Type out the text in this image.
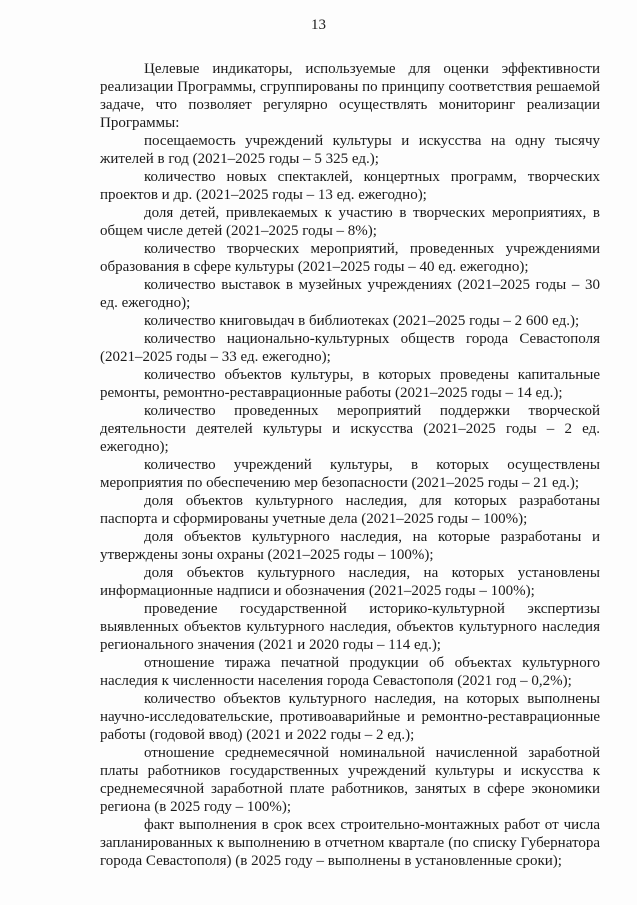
13

Целевые индикаторы, используемые для оценки эффективности реализации Программы, сгруппированы по принципу соответствия решаемой задаче, что позволяет регулярно осуществлять мониторинг реализации Программы:

посещаемость учреждений культуры и искусства на одну тысячу жителей в год (2021–2025 годы – 5 325 ед.);

количество новых спектаклей, концертных программ, творческих проектов и др. (2021–2025 годы – 13 ед. ежегодно);

доля детей, привлекаемых к участию в творческих мероприятиях, в общем числе детей (2021–2025 годы – 8%);

количество творческих мероприятий, проведенных учреждениями образования в сфере культуры (2021–2025 годы – 40 ед. ежегодно);

количество выставок в музейных учреждениях (2021–2025 годы – 30 ед. ежегодно);

количество книговыдач в библиотеках (2021–2025 годы – 2 600 ед.);

количество национально-культурных обществ города Севастополя (2021–2025 годы – 33 ед. ежегодно);

количество объектов культуры, в которых проведены капитальные ремонты, ремонтно-реставрационные работы (2021–2025 годы – 14 ед.);

количество проведенных мероприятий поддержки творческой деятельности деятелей культуры и искусства (2021–2025 годы – 2 ед. ежегодно);

количество учреждений культуры, в которых осуществлены мероприятия по обеспечению мер безопасности (2021–2025 годы – 21 ед.);

доля объектов культурного наследия, для которых разработаны паспорта и сформированы учетные дела (2021–2025 годы – 100%);

доля объектов культурного наследия, на которые разработаны и утверждены зоны охраны (2021–2025 годы – 100%);

доля объектов культурного наследия, на которых установлены информационные надписи и обозначения (2021–2025 годы – 100%);

проведение государственной историко-культурной экспертизы выявленных объектов культурного наследия, объектов культурного наследия регионального значения (2021 и 2020 годы – 114 ед.);

отношение тиража печатной продукции об объектах культурного наследия к численности населения города Севастополя (2021 год – 0,2%);

количество объектов культурного наследия, на которых выполнены научно-исследовательские, противоаварийные и ремонтно-реставрационные работы (годовой ввод) (2021 и 2022 годы – 2 ед.);

отношение среднемесячной номинальной начисленной заработной платы работников государственных учреждений культуры и искусства к среднемесячной заработной плате работников, занятых в сфере экономики региона (в 2025 году – 100%);

факт выполнения в срок всех строительно-монтажных работ от числа запланированных к выполнению в отчетном квартале (по списку Губернатора города Севастополя) (в 2025 году – выполнены в установленные сроки);
